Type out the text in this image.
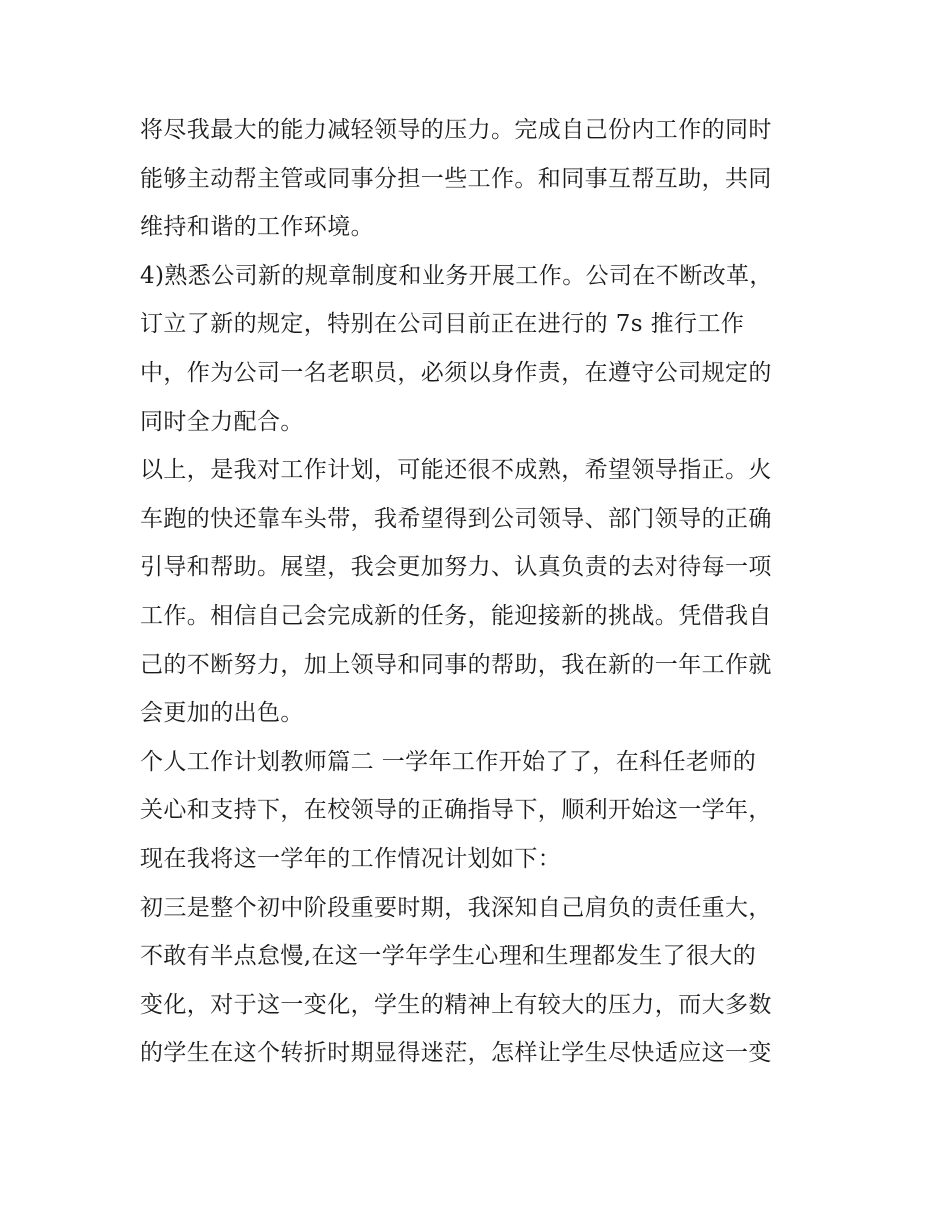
将尽我最大的能力减轻领导的压力。完成自己份内工作的同时
能够主动帮主管或同事分担一些工作。和同事互帮互助，共同
维持和谐的工作环境。
4)熟悉公司新的规章制度和业务开展工作。公司在不断改革，
订立了新的规定，特别在公司目前正在进行的 7s 推行工作
中，作为公司一名老职员，必须以身作责，在遵守公司规定的
同时全力配合。
以上，是我对工作计划，可能还很不成熟，希望领导指正。火
车跑的快还靠车头带，我希望得到公司领导、部门领导的正确
引导和帮助。展望，我会更加努力、认真负责的去对待每一项
工作。相信自己会完成新的任务，能迎接新的挑战。凭借我自
己的不断努力，加上领导和同事的帮助，我在新的一年工作就
会更加的出色。
个人工作计划教师篇二 一学年工作开始了了，在科任老师的
关心和支持下，在校领导的正确指导下，顺利开始这一学年，
现在我将这一学年的工作情况计划如下：
初三是整个初中阶段重要时期，我深知自己肩负的责任重大，
不敢有半点怠慢,在这一学年学生心理和生理都发生了很大的
变化，对于这一变化，学生的精神上有较大的压力，而大多数
的学生在这个转折时期显得迷茫，怎样让学生尽快适应这一变
